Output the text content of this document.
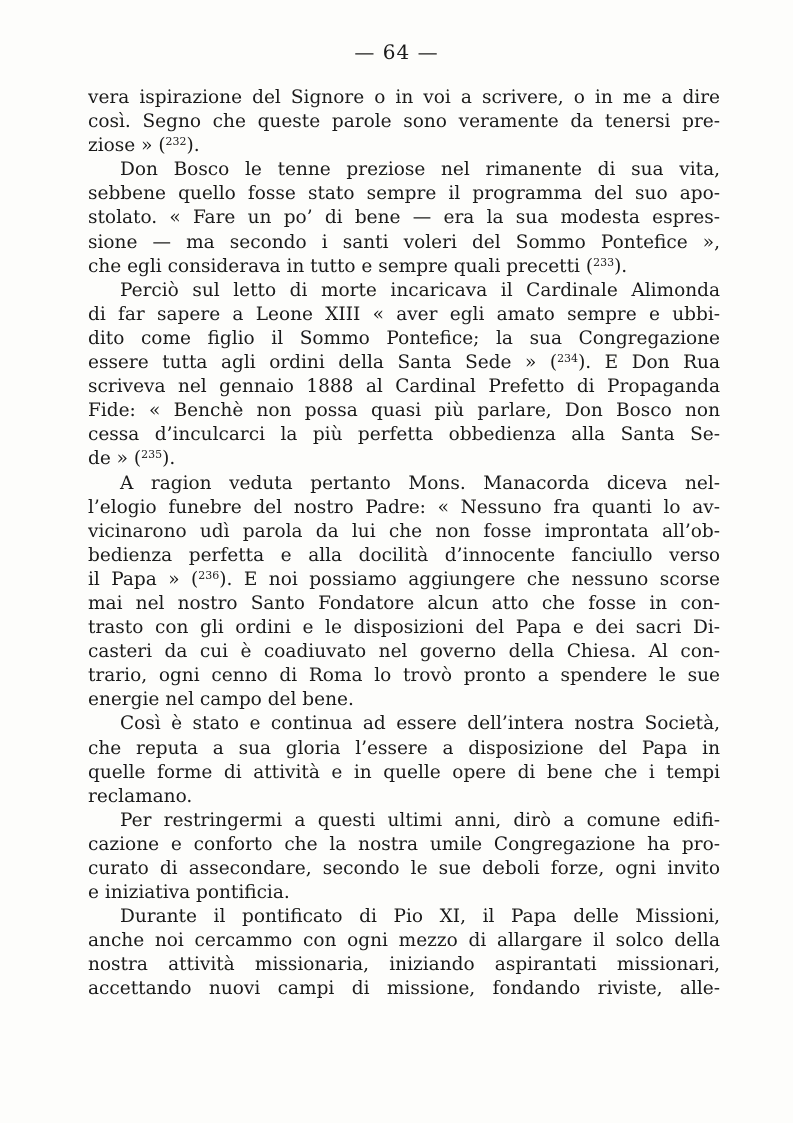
— 64 —
vera ispirazione del Signore o in voi a scrivere, o in me a dire
così. Segno che queste parole sono veramente da tenersi pre-
ziose » ($^{232}$).
Don Bosco le tenne preziose nel rimanente di sua vita,
sebbene quello fosse stato sempre il programma del suo apo-
stolato. « Fare un po’ di bene — era la sua modesta espres-
sione — ma secondo i santi voleri del Sommo Pontefice »,
che egli considerava in tutto e sempre quali precetti ($^{233}$).
Perciò sul letto di morte incaricava il Cardinale Alimonda
di far sapere a Leone XIII « aver egli amato sempre e ubbi-
dito come figlio il Sommo Pontefice; la sua Congregazione
essere tutta agli ordini della Santa Sede » ($^{234}$). E Don Rua
scriveva nel gennaio 1888 al Cardinal Prefetto di Propaganda
Fide: « Benchè non possa quasi più parlare, Don Bosco non
cessa d’inculcarci la più perfetta obbedienza alla Santa Se-
de » ($^{235}$).
A ragion veduta pertanto Mons. Manacorda diceva nel-
l’elogio funebre del nostro Padre: « Nessuno fra quanti lo av-
vicinarono udì parola da lui che non fosse improntata all’ob-
bedienza perfetta e alla docilità d’innocente fanciullo verso
il Papa » ($^{236}$). E noi possiamo aggiungere che nessuno scorse
mai nel nostro Santo Fondatore alcun atto che fosse in con-
trasto con gli ordini e le disposizioni del Papa e dei sacri Di-
casteri da cui è coadiuvato nel governo della Chiesa. Al con-
trario, ogni cenno di Roma lo trovò pronto a spendere le sue
energie nel campo del bene.
Così è stato e continua ad essere dell’intera nostra Società,
che reputa a sua gloria l’essere a disposizione del Papa in
quelle forme di attività e in quelle opere di bene che i tempi
reclamano.
Per restringermi a questi ultimi anni, dirò a comune edifi-
cazione e conforto che la nostra umile Congregazione ha pro-
curato di assecondare, secondo le sue deboli forze, ogni invito
e iniziativa pontificia.
Durante il pontificato di Pio XI, il Papa delle Missioni,
anche noi cercammo con ogni mezzo di allargare il solco della
nostra attività missionaria, iniziando aspirantati missionari,
accettando nuovi campi di missione, fondando riviste, alle-
